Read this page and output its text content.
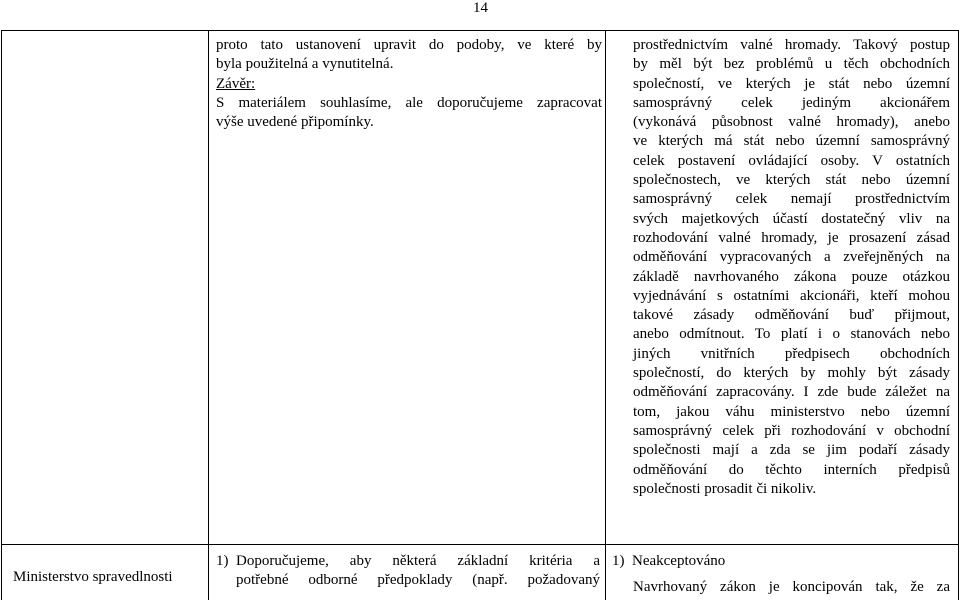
14

proto tato ustanovení upravit do podoby, ve které by

byla použitelná a vynutitelná.

Závěr:

S materiálem souhlasíme, ale doporučujeme zapracovat

výše uvedené připomínky.

prostřednictvím valné hromady. Takový postup

by měl být bez problémů u těch obchodních

společností, ve kterých je stát nebo územní

samosprávný celek jediným akcionářem

(vykonává působnost valné hromady), anebo

ve kterých má stát nebo územní samosprávný

celek postavení ovládající osoby. V ostatních

společnostech, ve kterých stát nebo územní

samosprávný celek nemají prostřednictvím

svých majetkových účastí dostatečný vliv na

rozhodování valné hromady, je prosazení zásad

odměňování vypracovaných a zveřejněných na

základě navrhovaného zákona pouze otázkou

vyjednávání s ostatními akcionáři, kteří mohou

takové zásady odměňování buď přijmout,

anebo odmítnout. To platí i o stanovách nebo

jiných vnitřních předpisech obchodních

společností, do kterých by mohly být zásady

odměňování zapracovány. I zde bude záležet na

tom, jakou váhu ministerstvo nebo územní

samosprávný celek při rozhodování v obchodní

společnosti mají a zda se jim podaří zásady

odměňování do těchto interních předpisů

společnosti prosadit či nikoliv.

Ministerstvo spravedlnosti

1) Doporučujeme, aby některá základní kritéria a

potřebné odborné předpoklady (např. požadovaný

1) Neakceptováno

Navrhovaný zákon je koncipován tak, že za
